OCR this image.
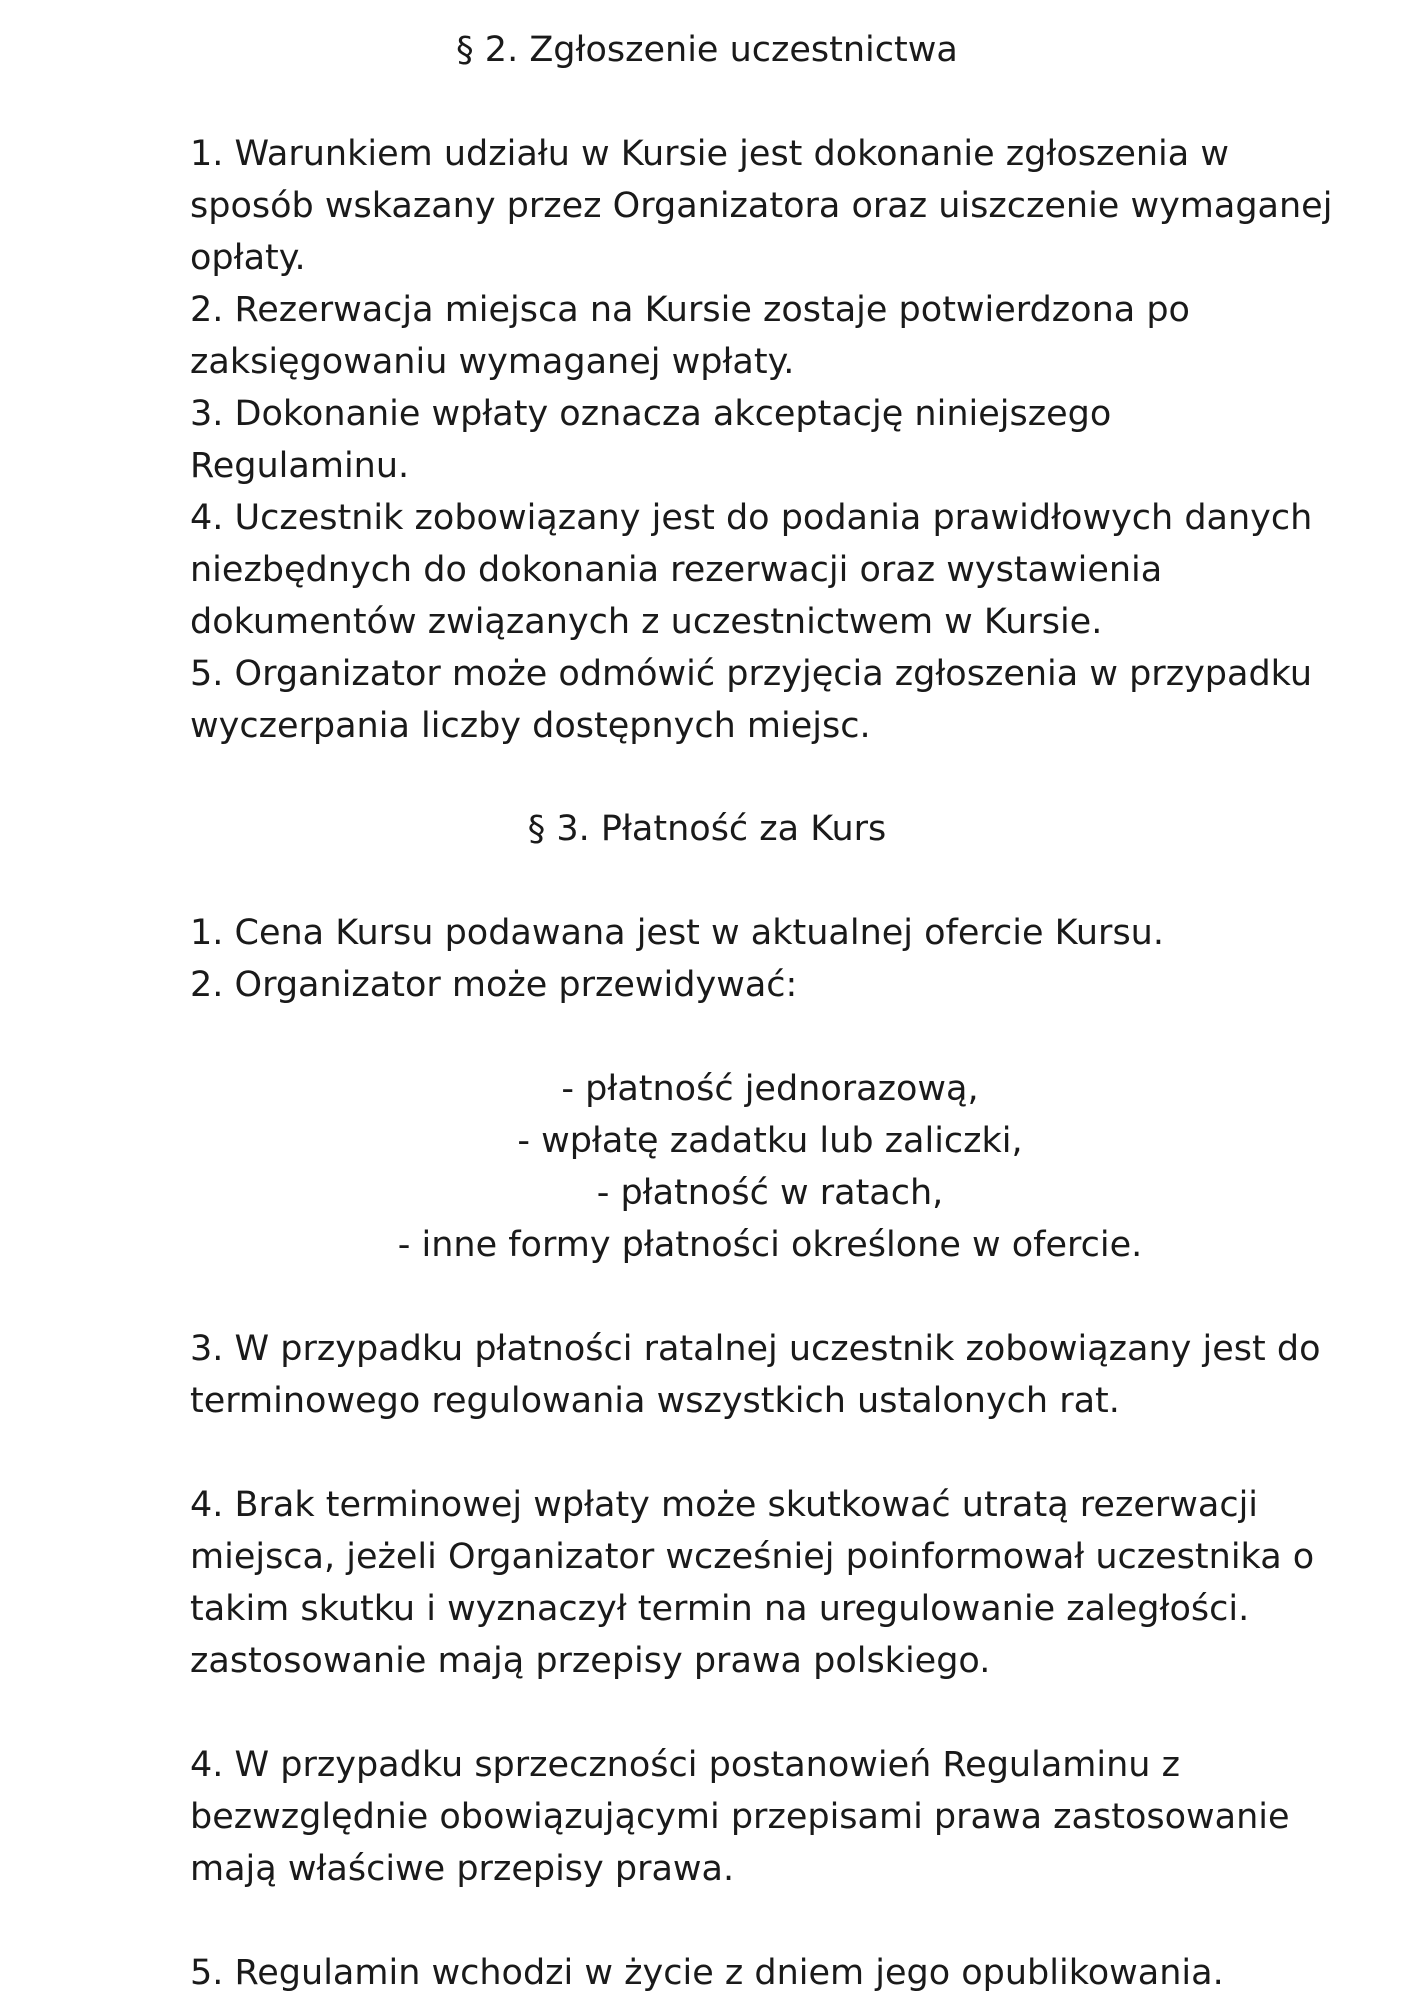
§ 2. Zgłoszenie uczestnictwa
1. Warunkiem udziału w Kursie jest dokonanie zgłoszenia w
sposób wskazany przez Organizatora oraz uiszczenie wymaganej
opłaty.
2. Rezerwacja miejsca na Kursie zostaje potwierdzona po
zaksięgowaniu wymaganej wpłaty.
3. Dokonanie wpłaty oznacza akceptację niniejszego
Regulaminu.
4. Uczestnik zobowiązany jest do podania prawidłowych danych
niezbędnych do dokonania rezerwacji oraz wystawienia
dokumentów związanych z uczestnictwem w Kursie.
5. Organizator może odmówić przyjęcia zgłoszenia w przypadku
wyczerpania liczby dostępnych miejsc.
§ 3. Płatność za Kurs
1. Cena Kursu podawana jest w aktualnej ofercie Kursu.
2. Organizator może przewidywać:
- płatność jednorazową,
- wpłatę zadatku lub zaliczki,
- płatność w ratach,
- inne formy płatności określone w ofercie.
3. W przypadku płatności ratalnej uczestnik zobowiązany jest do
terminowego regulowania wszystkich ustalonych rat.
4. Brak terminowej wpłaty może skutkować utratą rezerwacji
miejsca, jeżeli Organizator wcześniej poinformował uczestnika o
takim skutku i wyznaczył termin na uregulowanie zaległości.
zastosowanie mają przepisy prawa polskiego.
4. W przypadku sprzeczności postanowień Regulaminu z
bezwzględnie obowiązującymi przepisami prawa zastosowanie
mają właściwe przepisy prawa.
5. Regulamin wchodzi w życie z dniem jego opublikowania.
